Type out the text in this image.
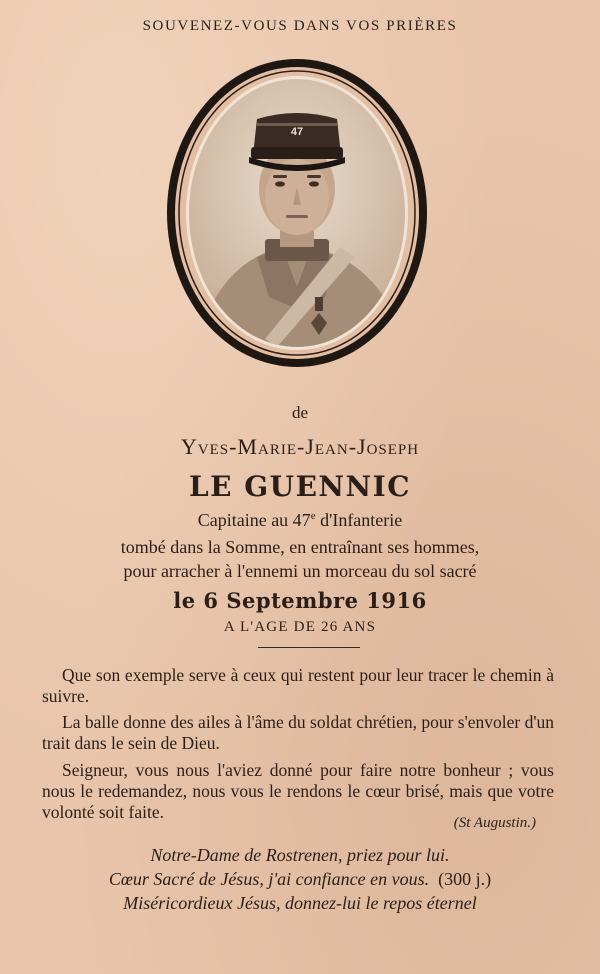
SOUVENEZ-VOUS DANS VOS PRIÈRES
47
de
Yves-Marie-Jean-Joseph
LE GUENNIC
Capitaine au 47e d'Infanterie
tombé dans la Somme, en entraînant ses hommes,
pour arracher à l'ennemi un morceau du sol sacré
le 6 Septembre 1916
A L'AGE DE 26 ANS

Que son exemple serve à ceux qui restent pour leur tracer le chemin à suivre.

La balle donne des ailes à l'âme du soldat chrétien, pour s'envoler d'un trait dans le sein de Dieu.

Seigneur, vous nous l'aviez donné pour faire notre bonheur ; vous nous le redemandez, nous vous le rendons le cœur brisé, mais que votre volonté soit faite.

(St Augustin.)
Notre-Dame de Rostrenen, priez pour lui.
Cœur Sacré de Jésus, j'ai confiance en vous. (300 j.)
Miséricordieux Jésus, donnez-lui le repos éternel
